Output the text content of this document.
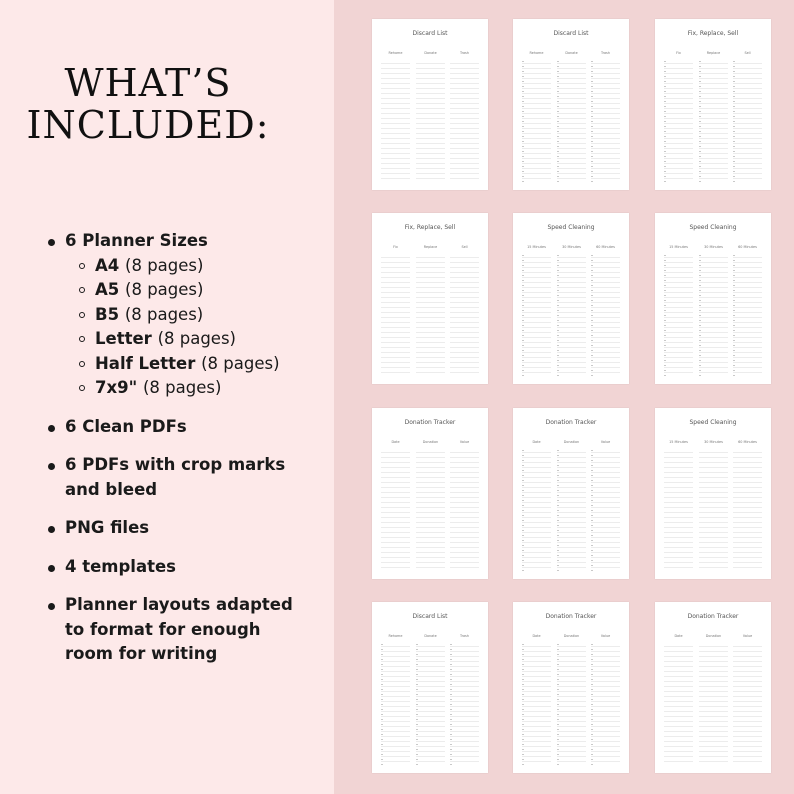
WHAT’S
INCLUDED:
6 Planner Sizes
A4 (8 pages)
A5 (8 pages)
B5 (8 pages)
Letter (8 pages)
Half Letter (8 pages)
7x9" (8 pages)
6 Clean PDFs
6 PDFs with crop marks
and bleed
PNG files
4 templates
Planner layouts adapted
to format for enough
room for writing
Discard List
Rehome	Donate	Trash
Discard List
Rehome	Donate	Trash
Fix, Replace, Sell
Fix	Replace	Sell
Fix, Replace, Sell
Fix	Replace	Sell
Speed Cleaning
15 Minutes	30 Minutes	60 Minutes
Speed Cleaning
15 Minutes	30 Minutes	60 Minutes
Donation Tracker
Date	Donation	Value
Donation Tracker
Date	Donation	Value
Speed Cleaning
15 Minutes	30 Minutes	60 Minutes
Discard List
Rehome	Donate	Trash
Donation Tracker
Date	Donation	Value
Donation Tracker
Date	Donation	Value
